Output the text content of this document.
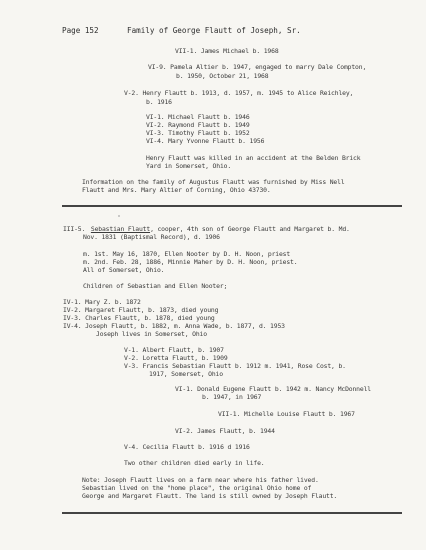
Page 152	Family of George Flautt of Joseph, Sr.
VII-1. James Michael b. 1968
VI-9. Pamela Altier b. 1947, engaged to marry Dale Compton,
b. 1950, October 21, 1968
V-2. Henry Flautt b. 1913, d. 1957, m. 1945 to Alice Reichley,
b. 1916
VI-1. Michael Flautt b. 1946
VI-2. Raymond Flautt b. 1949
VI-3. Timothy Flautt b. 1952
VI-4. Mary Yvonne Flautt b. 1956
Henry Flautt was killed in an accident at the Belden Brick
Yard in Somerset, Ohio.
Information on the family of Augustus Flautt was furnished by Miss Nell
Flautt and Mrs. Mary Altier of Corning, Ohio 43730.
III-5. Sebastian Flautt, cooper, 4th son of George Flautt and Margaret b. Md.
Nov. 1831 (Baptismal Record), d. 1906
m. 1st. May 16, 1870, Ellen Nooter by D. H. Noon, priest
m. 2nd. Feb. 28, 1886, Minnie Maher by D. H. Noon, priest.
All of Somerset, Ohio.
Children of Sebastian and Ellen Nooter;
IV-1. Mary Z. b. 1872
IV-2. Margaret Flautt, b. 1873, died young
IV-3. Charles Flautt, b. 1878, died young
IV-4. Joseph Flautt, b. 1882, m. Anna Wade, b. 1877, d. 1953
Joseph lives in Somerset, Ohio
V-1. Albert Flautt, b. 1907
V-2. Loretta Flautt, b. 1909
V-3. Francis Sebastian Flautt b. 1912 m. 1941, Rose Cost, b.
1917, Somerset, Ohio
VI-1. Donald Eugene Flautt b. 1942 m. Nancy McDonnell
b. 1947, in 1967
VII-1. Michelle Louise Flautt b. 1967
VI-2. James Flautt, b. 1944
V-4. Cecilia Flautt b. 1916 d 1916
Two other children died early in life.
Note: Joseph Flautt lives on a farm near where his father lived.
Sebastian lived on the "home place", the original Ohio home of
George and Margaret Flautt. The land is still owned by Joseph Flautt.
